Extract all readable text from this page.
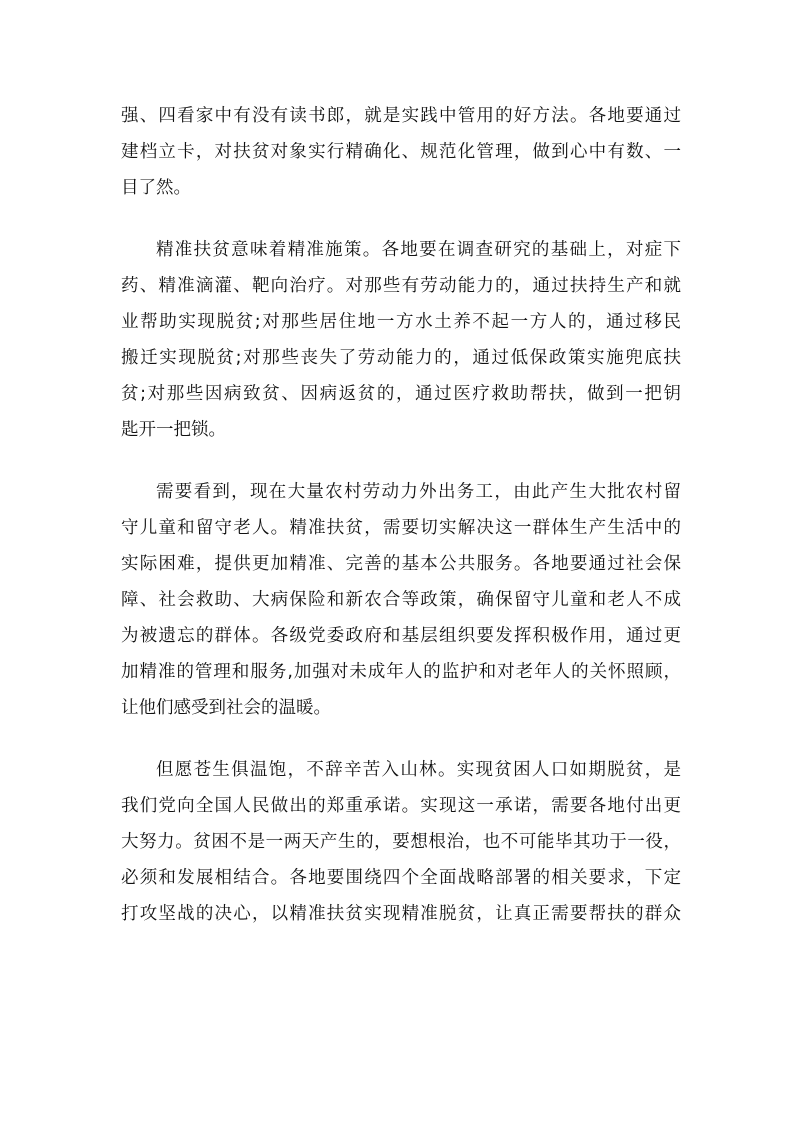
强、四看家中有没有读书郎，就是实践中管用的好方法。各地要通过
建档立卡，对扶贫对象实行精确化、规范化管理，做到心中有数、一
目了然。
精准扶贫意味着精准施策。各地要在调查研究的基础上，对症下
药、精准滴灌、靶向治疗。对那些有劳动能力的，通过扶持生产和就
业帮助实现脱贫;对那些居住地一方水土养不起一方人的，通过移民
搬迁实现脱贫;对那些丧失了劳动能力的，通过低保政策实施兜底扶
贫;对那些因病致贫、因病返贫的，通过医疗救助帮扶，做到一把钥
匙开一把锁。
需要看到，现在大量农村劳动力外出务工，由此产生大批农村留
守儿童和留守老人。精准扶贫，需要切实解决这一群体生产生活中的
实际困难，提供更加精准、完善的基本公共服务。各地要通过社会保
障、社会救助、大病保险和新农合等政策，确保留守儿童和老人不成
为被遗忘的群体。各级党委政府和基层组织要发挥积极作用，通过更
加精准的管理和服务,加强对未成年人的监护和对老年人的关怀照顾，
让他们感受到社会的温暖。
但愿苍生俱温饱，不辞辛苦入山林。实现贫困人口如期脱贫，是
我们党向全国人民做出的郑重承诺。实现这一承诺，需要各地付出更
大努力。贫困不是一两天产生的，要想根治，也不可能毕其功于一役，
必须和发展相结合。各地要围绕四个全面战略部署的相关要求，下定
打攻坚战的决心，以精准扶贫实现精准脱贫，让真正需要帮扶的群众
